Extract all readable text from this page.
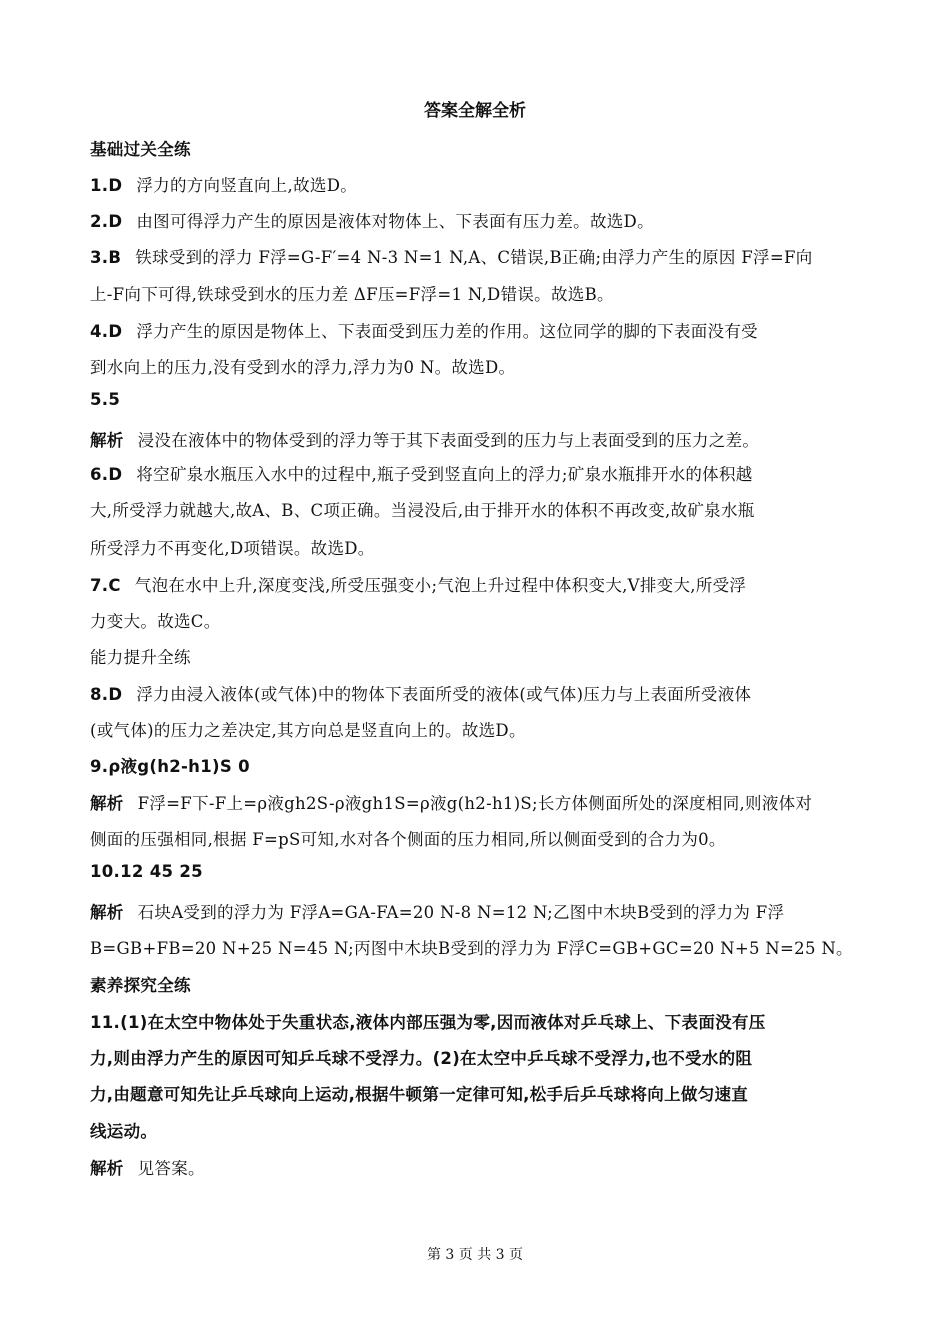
答案全解全析
基础过关全练
1.D 浮力的方向竖直向上,故选D。
2.D 由图可得浮力产生的原因是液体对物体上、下表面有压力差。故选D。
3.B 铁球受到的浮力 F浮=G-F′=4 N-3 N=1 N,A、C错误,B正确;由浮力产生的原因 F浮=F向
上-F向下可得,铁球受到水的压力差 ΔF压=F浮=1 N,D错误。故选B。
4.D 浮力产生的原因是物体上、下表面受到压力差的作用。这位同学的脚的下表面没有受
到水向上的压力,没有受到水的浮力,浮力为0 N。故选D。
5.5
解析 浸没在液体中的物体受到的浮力等于其下表面受到的压力与上表面受到的压力之差。
6.D 将空矿泉水瓶压入水中的过程中,瓶子受到竖直向上的浮力;矿泉水瓶排开水的体积越
大,所受浮力就越大,故A、B、C项正确。当浸没后,由于排开水的体积不再改变,故矿泉水瓶
所受浮力不再变化,D项错误。故选D。
7.C 气泡在水中上升,深度变浅,所受压强变小;气泡上升过程中体积变大,V排变大,所受浮
力变大。故选C。
能力提升全练
8.D 浮力由浸入液体(或气体)中的物体下表面所受的液体(或气体)压力与上表面所受液体
(或气体)的压力之差决定,其方向总是竖直向上的。故选D。
9.ρ液g(h2-h1)S 0
解析 F浮=F下-F上=ρ液gh2S-ρ液gh1S=ρ液g(h2-h1)S;长方体侧面所处的深度相同,则液体对
侧面的压强相同,根据 F=pS可知,水对各个侧面的压力相同,所以侧面受到的合力为0。
10.12 45 25
解析 石块A受到的浮力为 F浮A=GA-FA=20 N-8 N=12 N;乙图中木块B受到的浮力为 F浮
B=GB+FB=20 N+25 N=45 N;丙图中木块B受到的浮力为 F浮C=GB+GC=20 N+5 N=25 N。
素养探究全练
11.(1)在太空中物体处于失重状态,液体内部压强为零,因而液体对乒乓球上、下表面没有压
力,则由浮力产生的原因可知乒乓球不受浮力。(2)在太空中乒乓球不受浮力,也不受水的阻
力,由题意可知先让乒乓球向上运动,根据牛顿第一定律可知,松手后乒乓球将向上做匀速直
线运动。
解析 见答案。
第 3 页 共 3 页
